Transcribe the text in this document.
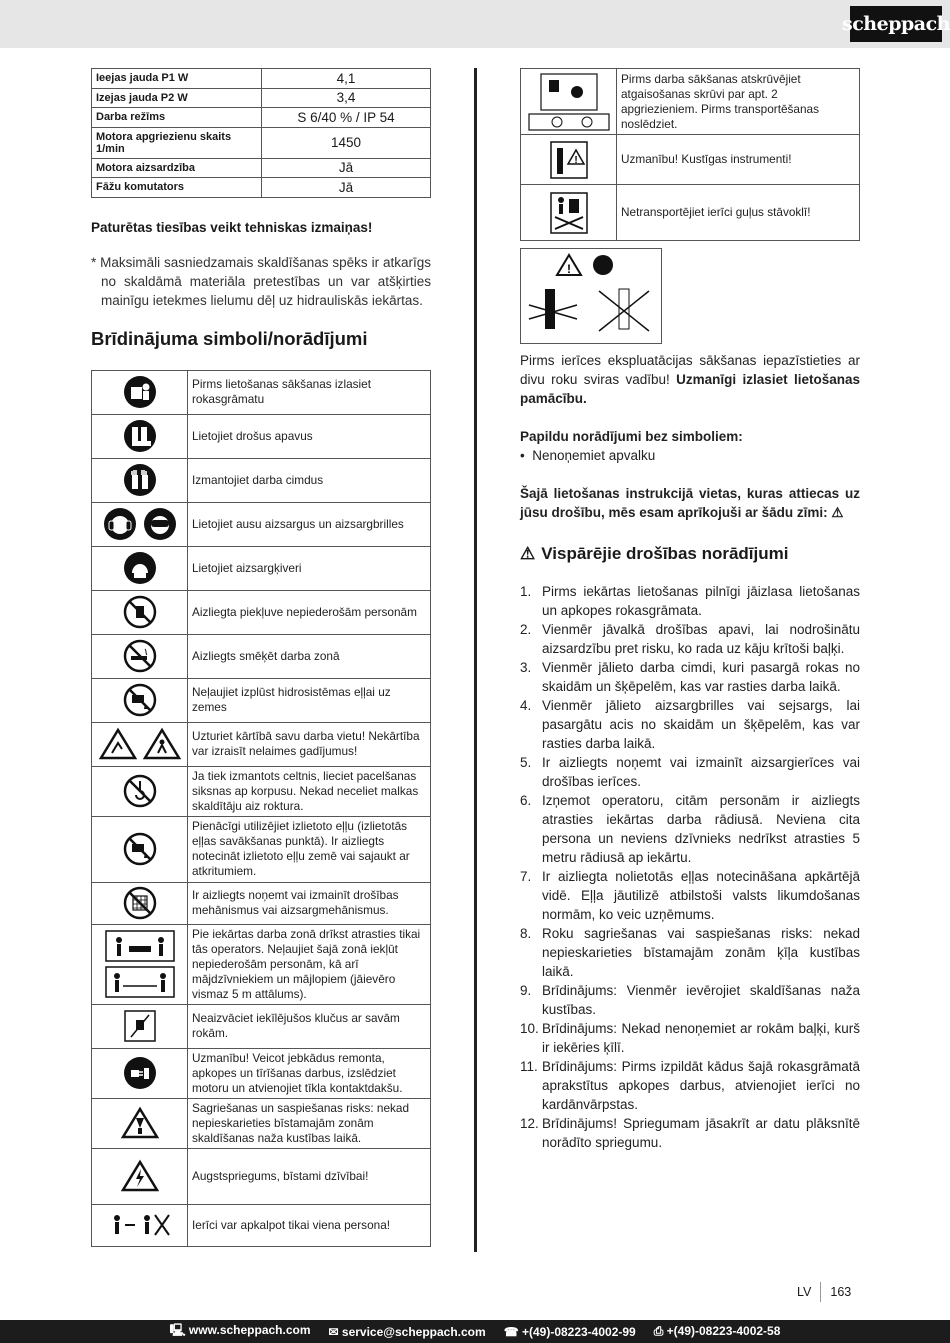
scheppach
Ieejas jauda P1 W	4,1
Izejas jauda P2 W	3,4
Darba režīms	S 6/40 % / IP 54
Motora apgriezienu skaits 1/min	1450
Motora aizsardzība	Jā
Fāžu komutators	Jā
Paturētas tiesības veikt tehniskas izmaiņas!
* Maksimāli sasniedzamais skaldīšanas spēks ir atkarīgs no skaldāmā materiāla pretestības un var atšķirties mainīgu ietekmes lielumu dēļ uz hidrauliskās iekārtas.
Brīdinājuma simboli/norādījumi
	Pirms lietošanas sākšanas izlasiet rokasgrāmatu

	Lietojiet drošus apavus

	Izmantojiet darba cimdus

	Lietojiet ausu aizsargus un aizsargbrilles

	Lietojiet aizsargķiveri

	Aizliegta piekļuve nepiederošām personām

	Aizliegts smēķēt darba zonā

	Neļaujiet izplūst hidrosistēmas eļļai uz zemes

	Uzturiet kārtībā savu darba vietu! Nekārtība var izraisīt nelaimes gadījumus!

	Ja tiek izmantots celtnis, lieciet pacelšanas siksnas ap korpusu. Nekad neceliet malkas skaldītāju aiz roktura.

	Pienācīgi utilizējiet izlietoto eļļu (izlietotās eļļas savākšanas punktā). Ir aizliegts notecināt izlietoto eļļu zemē vai sajaukt ar atkritumiem.

	Ir aizliegts noņemt vai izmainīt drošības mehānismus vai aizsargmehānismus.

	Pie iekārtas darba zonā drīkst atrasties tikai tās operators. Neļaujiet šajā zonā iekļūt nepiederošām personām, kā arī mājdzīvniekiem un mājlopiem (jāievēro vismaz 5 m attālums).

	Neaizvāciet iekīlējušos klučus ar savām rokām.

	Uzmanību! Veicot jebkādus remonta, apkopes un tīrīšanas darbus, izslēdziet motoru un atvienojiet tīkla kontaktdakšu.

	Sagriešanas un saspiešanas risks: nekad nepieskarieties bīstamajām zonām skaldīšanas naža kustības laikā.

	Augstspriegums, bīstami dzīvībai!

	Ierīci var apkalpot tikai viena persona!
	Pirms darba sākšanas atskrūvējiet atgaisošanas skrūvi par apt. 2 apgriezieniem. Pirms transportēšanas noslēdziet.

!	Uzmanību! Kustīgas instrumenti!

	Netransportējiet ierīci guļus stāvoklī!
!
Pirms ierīces ekspluatācijas sākšanas iepazīstieties ar divu roku sviras vadību! Uzmanīgi izlasiet lietošanas pamācību.
Papildu norādījumi bez simboliem:
•  Nenoņemiet apvalku
Šajā lietošanas instrukcijā vietas, kuras attiecas uz jūsu drošību, mēs esam aprīkojuši ar šādu zīmi: ⚠
⚠ Vispārējie drošības norādījumi
1. Pirms iekārtas lietošanas pilnīgi jāizlasa lietošanas un apkopes rokasgrāmata.
2. Vienmēr jāvalkā drošības apavi, lai nodrošinātu aizsardzību pret risku, ko rada uz kāju krītoši baļķi.
3. Vienmēr jālieto darba cimdi, kuri pasargā rokas no skaidām un šķēpelēm, kas var rasties darba laikā.
4. Vienmēr jālieto aizsargbrilles vai sejsargs, lai pasargātu acis no skaidām un šķēpelēm, kas var rasties darba laikā.
5. Ir aizliegts noņemt vai izmainīt aizsargierīces vai drošības ierīces.
6. Izņemot operatoru, citām personām ir aizliegts atrasties iekārtas darba rādiusā. Neviena cita persona un neviens dzīvnieks nedrīkst atrasties 5 metru rādiusā ap iekārtu.
7. Ir aizliegta nolietotās eļļas notecināšana apkārtējā vidē. Eļļa jāutilizē atbilstoši valsts likumdošanas normām, ko veic uzņēmums.
8. Roku sagriešanas vai saspiešanas risks: nekad nepieskarieties bīstamajām zonām ķīļa kustības laikā.
9. Brīdinājums: Vienmēr ievērojiet skaldīšanas naža kustības.
10. Brīdinājums: Nekad nenoņemiet ar rokām baļķi, kurš ir iekēries ķīlī.
11. Brīdinājums: Pirms izpildāt kādus šajā rokasgrāmatā aprakstītus apkopes darbus, atvienojiet ierīci no kardānvārpstas.
12. Brīdinājums! Spriegumam jāsakrīt ar datu plāksnītē norādīto spriegumu.
LV 163
🖳 www.scheppach.com ✉ service@scheppach.com ☎ +(49)-08223-4002-99 ⎙ +(49)-08223-4002-58
